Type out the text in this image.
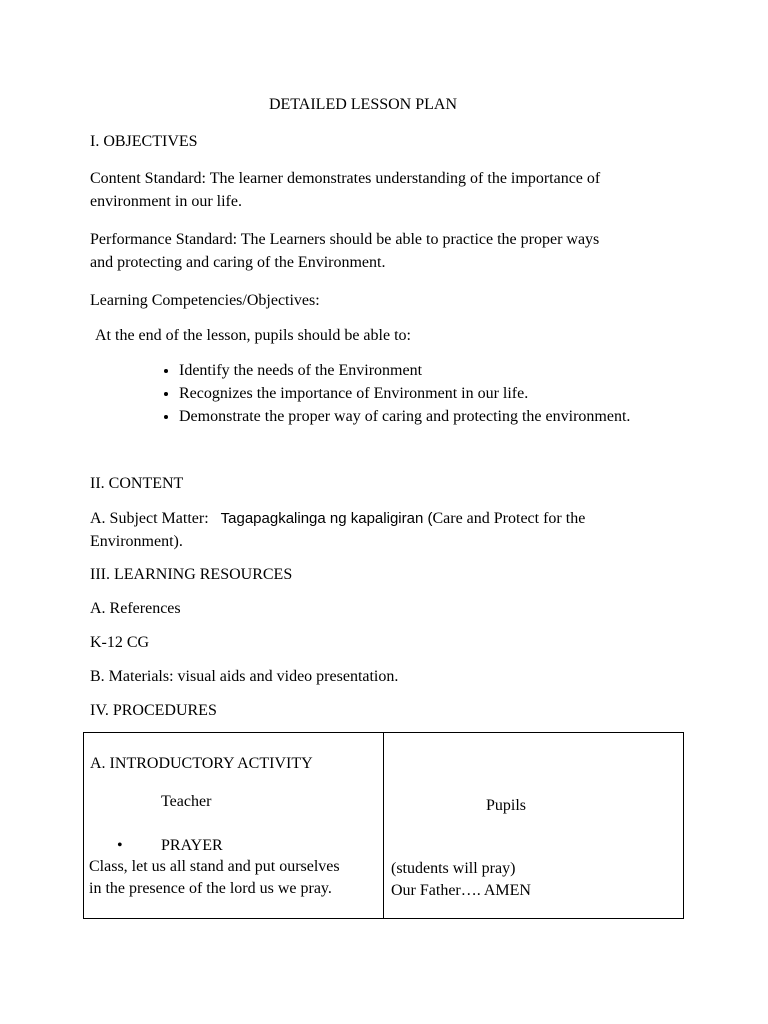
DETAILED LESSON PLAN
I. OBJECTIVES
Content Standard: The learner demonstrates understanding of the importance of
environment in our life.
Performance Standard: The Learners should be able to practice the proper ways
and protecting and caring of the Environment.
Learning Competencies/Objectives:
At the end of the lesson, pupils should be able to:
• Identify the needs of the Environment
• Recognizes the importance of Environment in our life.
• Demonstrate the proper way of caring and protecting the environment.
II. CONTENT
A. Subject Matter: Tagapagkalinga ng kapaligiran (Care and Protect for the
Environment).
III. LEARNING RESOURCES
A. References
K-12 CG
B. Materials: visual aids and video presentation.
IV. PROCEDURES
A. INTRODUCTORY ACTIVITY
Teacher	Pupils
• PRAYER
Class, let us all stand and put ourselves
in the presence of the lord us we pray.
(students will pray)
Our Father…. AMEN
